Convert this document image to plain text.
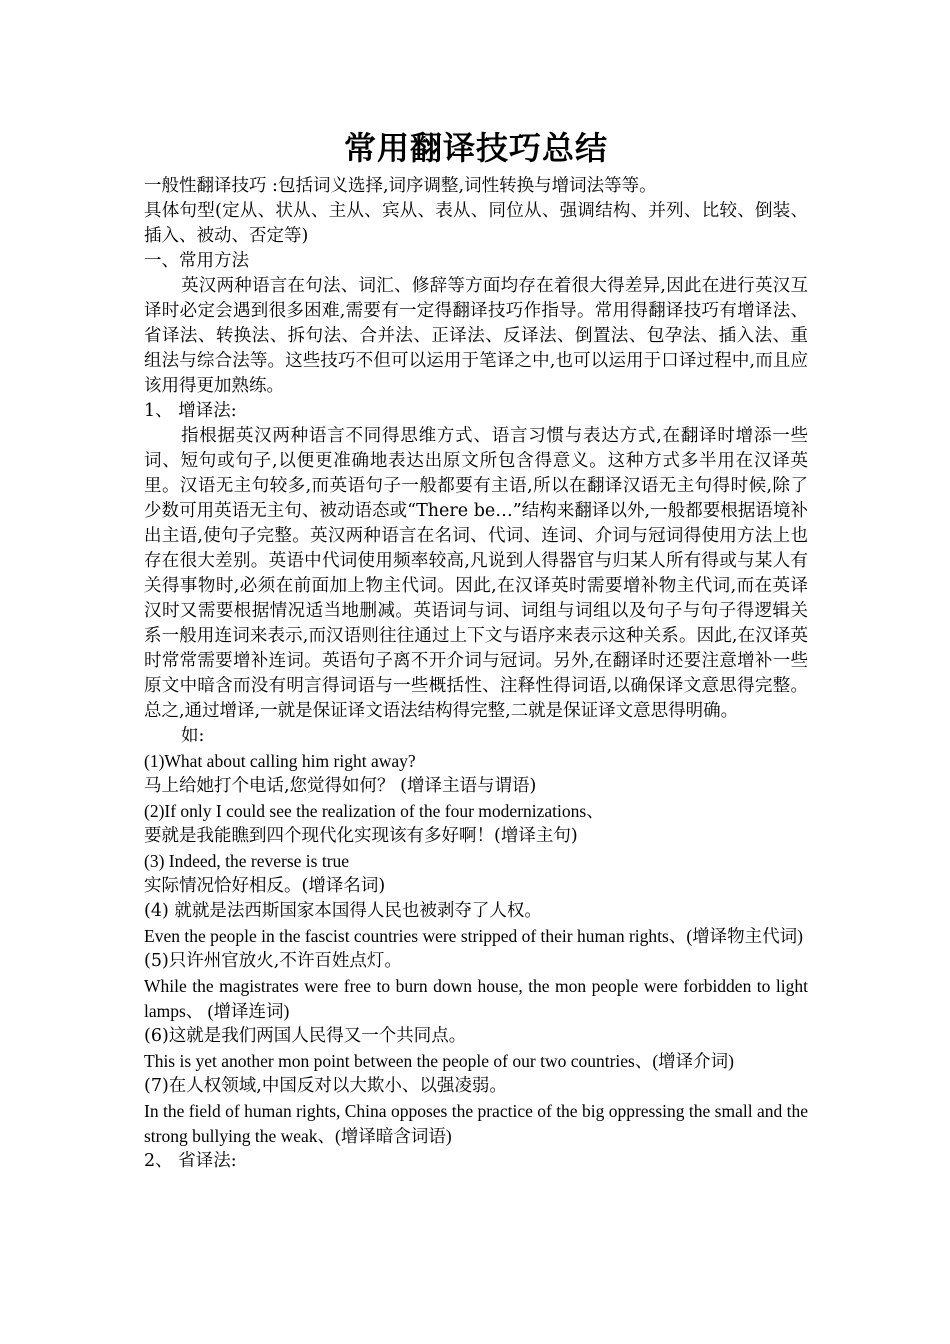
常用翻译技巧总结
一般性翻译技巧 :包括词义选择,词序调整,词性转换与增词法等等。

具体句型(定从、状从、主从、宾从、表从、同位从、强调结构、并列、比较、倒装、插入、被动、否定等)

一、常用方法

英汉两种语言在句法、词汇、修辞等方面均存在着很大得差异,因此在进行英汉互译时必定会遇到很多困难,需要有一定得翻译技巧作指导。常用得翻译技巧有增译法、省译法、转换法、拆句法、合并法、正译法、反译法、倒置法、包孕法、插入法、重组法与综合法等。这些技巧不但可以运用于笔译之中,也可以运用于口译过程中,而且应该用得更加熟练。

1、 增译法:

指根据英汉两种语言不同得思维方式、语言习惯与表达方式,在翻译时增添一些词、短句或句子,以便更准确地表达出原文所包含得意义。这种方式多半用在汉译英里。汉语无主句较多,而英语句子一般都要有主语,所以在翻译汉语无主句得时候,除了少数可用英语无主句、被动语态或“There be…”结构来翻译以外,一般都要根据语境补出主语,使句子完整。英汉两种语言在名词、代词、连词、介词与冠词得使用方法上也存在很大差别。英语中代词使用频率较高,凡说到人得器官与归某人所有得或与某人有关得事物时,必须在前面加上物主代词。因此,在汉译英时需要增补物主代词,而在英译汉时又需要根据情况适当地删减。英语词与词、词组与词组以及句子与句子得逻辑关系一般用连词来表示,而汉语则往往通过上下文与语序来表示这种关系。因此,在汉译英时常常需要增补连词。英语句子离不开介词与冠词。另外,在翻译时还要注意增补一些原文中暗含而没有明言得词语与一些概括性、注释性得词语,以确保译文意思得完整。总之,通过增译,一就是保证译文语法结构得完整,二就是保证译文意思得明确。

如:
(1)What about calling him right away?
马上给她打个电话,您觉得如何？ (增译主语与谓语)
(2)If only I could see the realization of the four modernizations、
要就是我能瞧到四个现代化实现该有多好啊！(增译主句)
(3) Indeed, the reverse is true
实际情况恰好相反。(增译名词)
(4) 就就是法西斯国家本国得人民也被剥夺了人权。

Even the people in the fascist countries were stripped of their human rights、(增译物主代词)

(5)只许州官放火,不许百姓点灯。

While the magistrates were free to burn down house, the mon people were forbidden to light lamps、 (增译连词)

(6)这就是我们两国人民得又一个共同点。
This is yet another mon point between the people of our two countries、(增译介词)
(7)在人权领域,中国反对以大欺小、以强凌弱。

In the field of human rights, China opposes the practice of the big oppressing the small and the strong bullying the weak、(增译暗含词语)

2、 省译法:
